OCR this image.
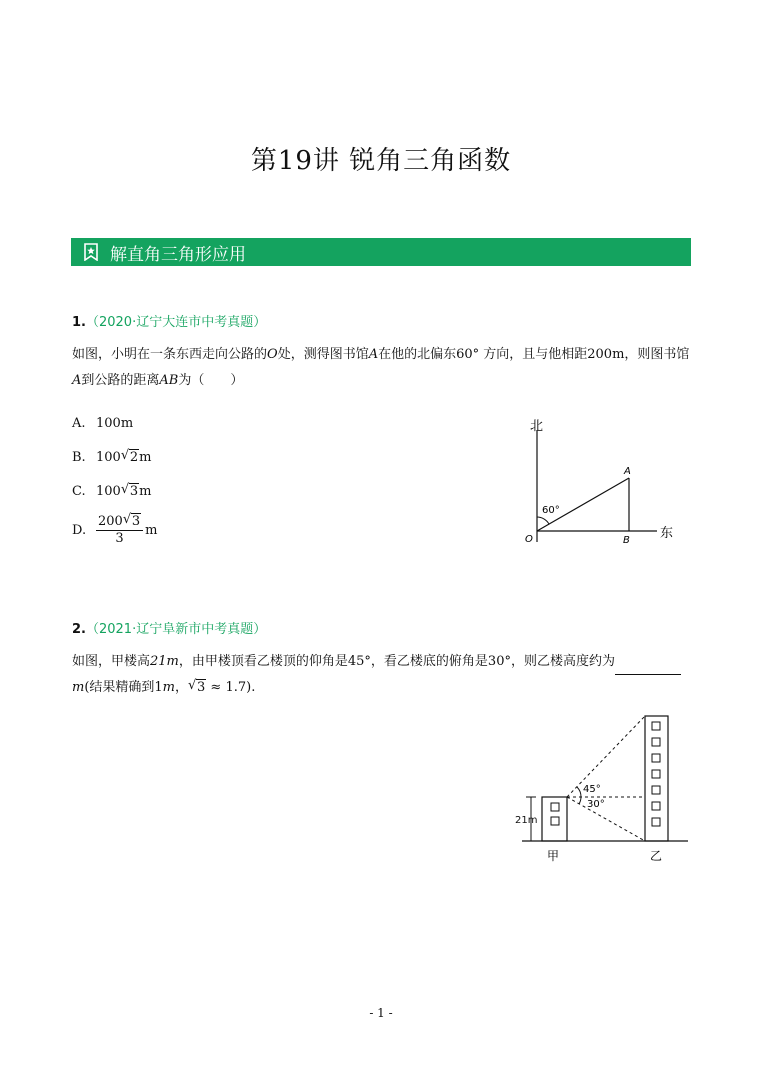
第19讲 锐角三角函数
解直角三角形应用
1.（2020·辽宁大连市中考真题）
如图，小明在一条东西走向公路的O处，测得图书馆A在他的北偏东60° 方向，且与他相距200m，则图书馆
A到公路的距离AB为（　　）
A. 100m
B. 100 √ 2 m
C. 100 √ 3 m
D. $\frac{200 √ 3}{3}$ m
北
东
60°
O
A
B
2.（2021·辽宁阜新市中考真题）
如图，甲楼高21m，由甲楼顶看乙楼顶的仰角是45°，看乙楼底的俯角是30°，则乙楼高度约为
m(结果精确到1m， √ 3 ≈ 1.7).
21m
45°
30°
甲	乙
- 1 -
